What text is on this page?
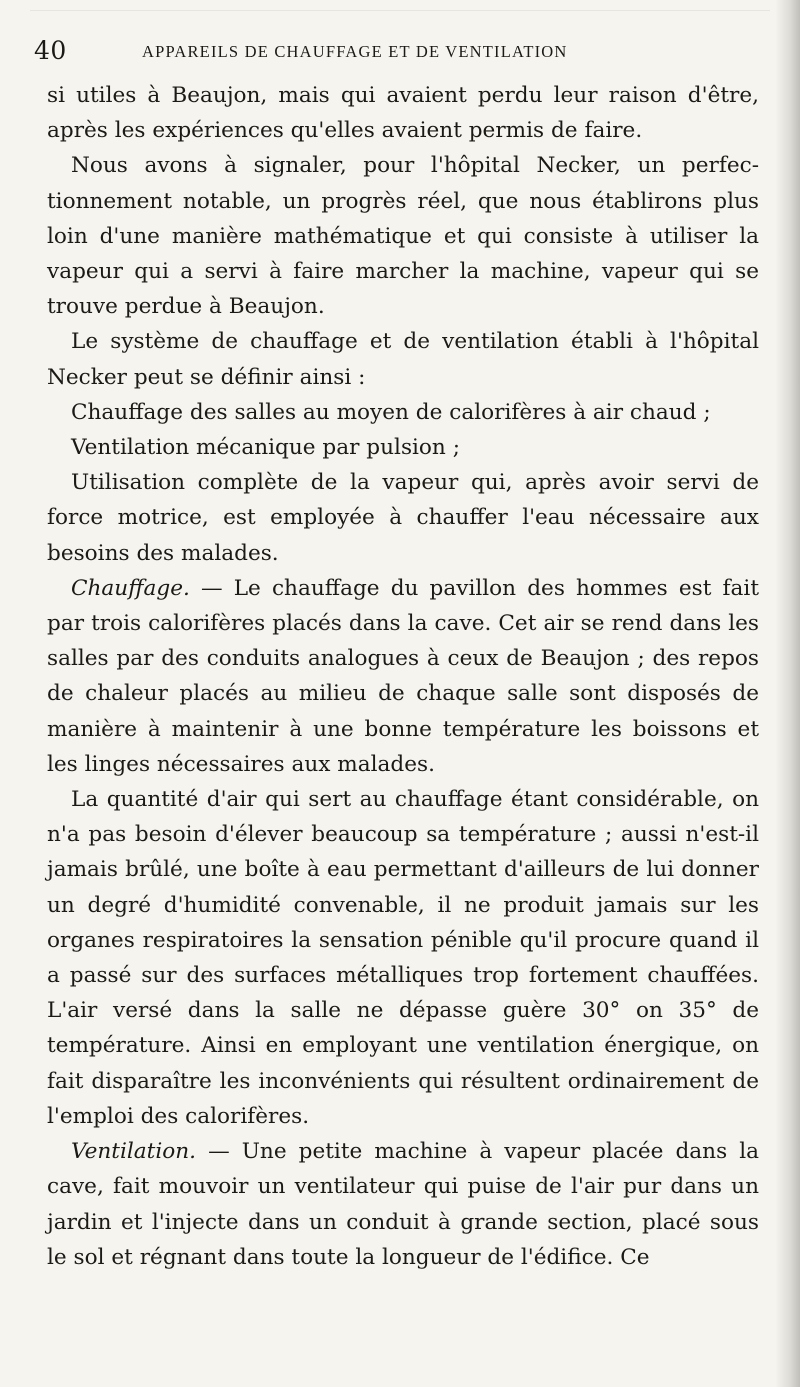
40	APPAREILS DE CHAUFFAGE ET DE VENTILATION

si utiles à Beaujon, mais qui avaient perdu leur raison d'être, après les expériences qu'elles avaient permis de faire.

Nous avons à signaler, pour l'hôpital Necker, un perfectionnement notable, un progrès réel, que nous établirons plus loin d'une manière mathématique et qui consiste à utiliser la vapeur qui a servi à faire marcher la machine, vapeur qui se trouve perdue à Beaujon.

Le système de chauffage et de ventilation établi à l'hôpital Necker peut se définir ainsi :

Chauffage des salles au moyen de calorifères à air chaud ;

Ventilation mécanique par pulsion ;

Utilisation complète de la vapeur qui, après avoir servi de force motrice, est employée à chauffer l'eau nécessaire aux besoins des malades.

Chauffage. — Le chauffage du pavillon des hommes est fait par trois calorifères placés dans la cave. Cet air se rend dans les salles par des conduits analogues à ceux de Beaujon ; des repos de chaleur placés au milieu de chaque salle sont disposés de manière à maintenir à une bonne température les boissons et les linges nécessaires aux malades.

La quantité d'air qui sert au chauffage étant considérable, on n'a pas besoin d'élever beaucoup sa température ; aussi n'est-il jamais brûlé, une boîte à eau permettant d'ailleurs de lui donner un degré d'humidité convenable, il ne produit jamais sur les organes respiratoires la sensation pénible qu'il procure quand il a passé sur des surfaces métalliques trop fortement chauffées. L'air versé dans la salle ne dépasse guère 30° on 35° de température. Ainsi en employant une ventilation énergique, on fait disparaître les inconvénients qui résultent ordinairement de l'emploi des calorifères.

Ventilation. — Une petite machine à vapeur placée dans la cave, fait mouvoir un ventilateur qui puise de l'air pur dans un jardin et l'injecte dans un conduit à grande section, placé sous le sol et régnant dans toute la longueur de l'édifice. Ce
